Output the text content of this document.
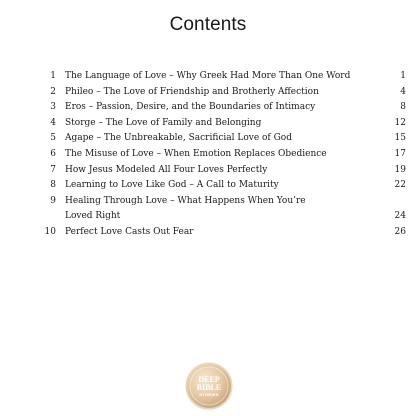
Contents
1 The Language of Love – Why Greek Had More Than One Word	1
2 Phileo – The Love of Friendship and Brotherly Affection	4
3 Eros – Passion, Desire, and the Boundaries of Intimacy	8
4 Storge – The Love of Family and Belonging	12
5 Agape – The Unbreakable, Sacrificial Love of God	15
6 The Misuse of Love – When Emotion Replaces Obedience	17
7 How Jesus Modeled All Four Loves Perfectly	19
8 Learning to Love Like God – A Call to Maturity	22
9 Healing Through Love – What Happens When You’re
Loved Right	24
10 Perfect Love Casts Out Fear	26
DEEP
BIBLE
STORIES
